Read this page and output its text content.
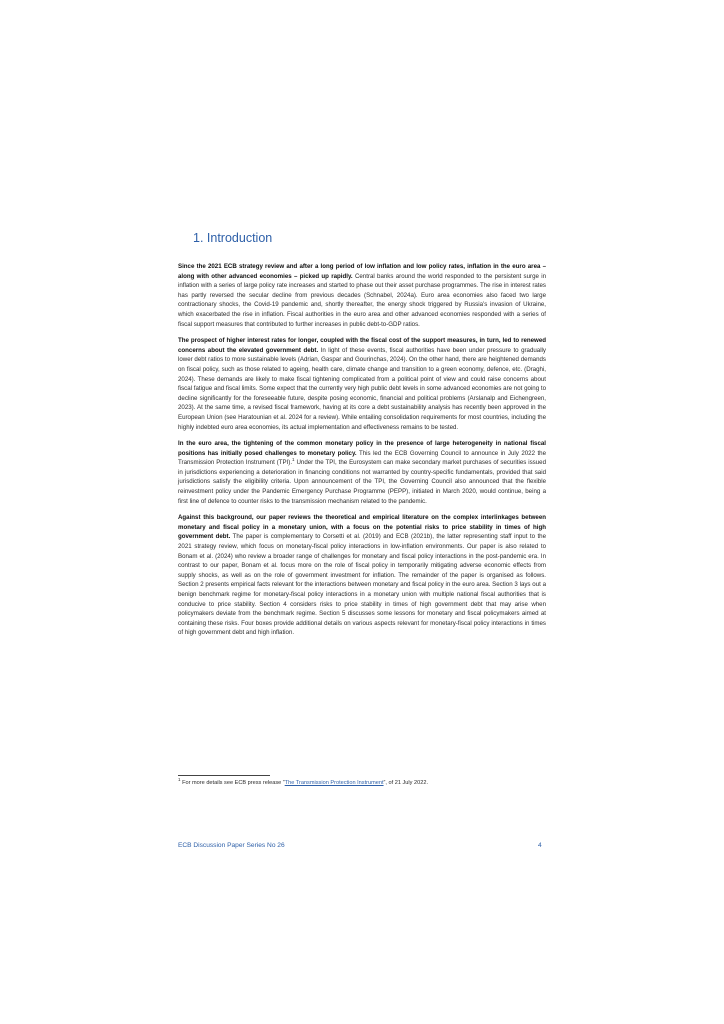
1. Introduction

Since the 2021 ECB strategy review and after a long period of low inflation and low policy rates, inflation in the euro area – along with other advanced economies – picked up rapidly. Central banks around the world responded to the persistent surge in inflation with a series of large policy rate increases and started to phase out their asset purchase programmes. The rise in interest rates has partly reversed the secular decline from previous decades (Schnabel, 2024a). Euro area economies also faced two large contractionary shocks, the Covid-19 pandemic and, shortly thereafter, the energy shock triggered by Russia’s invasion of Ukraine, which exacerbated the rise in inflation. Fiscal authorities in the euro area and other advanced economies responded with a series of fiscal support measures that contributed to further increases in public debt-to-GDP ratios.

The prospect of higher interest rates for longer, coupled with the fiscal cost of the support measures, in turn, led to renewed concerns about the elevated government debt. In light of these events, fiscal authorities have been under pressure to gradually lower debt ratios to more sustainable levels (Adrian, Gaspar and Gourinchas, 2024). On the other hand, there are heightened demands on fiscal policy, such as those related to ageing, health care, climate change and transition to a green economy, defence, etc. (Draghi, 2024). These demands are likely to make fiscal tightening complicated from a political point of view and could raise concerns about fiscal fatigue and fiscal limits. Some expect that the currently very high public debt levels in some advanced economies are not going to decline significantly for the foreseeable future, despite posing economic, financial and political problems (Arslanalp and Eichengreen, 2023). At the same time, a revised fiscal framework, having at its core a debt sustainability analysis has recently been approved in the European Union (see Haratounian et al. 2024 for a review). While entailing consolidation requirements for most countries, including the highly indebted euro area economies, its actual implementation and effectiveness remains to be tested.

In the euro area, the tightening of the common monetary policy in the presence of large heterogeneity in national fiscal positions has initially posed challenges to monetary policy. This led the ECB Governing Council to announce in July 2022 the Transmission Protection Instrument (TPI).$^1$ Under the TPI, the Eurosystem can make secondary market purchases of securities issued in jurisdictions experiencing a deterioration in financing conditions not warranted by country-specific fundamentals, provided that said jurisdictions satisfy the eligibility criteria. Upon announcement of the TPI, the Governing Council also announced that the flexible reinvestment policy under the Pandemic Emergency Purchase Programme (PEPP), initiated in March 2020, would continue, being a first line of defence to counter risks to the transmission mechanism related to the pandemic.

Against this background, our paper reviews the theoretical and empirical literature on the complex interlinkages between monetary and fiscal policy in a monetary union, with a focus on the potential risks to price stability in times of high government debt. The paper is complementary to Corsetti et al. (2019) and ECB (2021b), the latter representing staff input to the 2021 strategy review, which focus on monetary-fiscal policy interactions in low-inflation environments. Our paper is also related to Bonam et al. (2024) who review a broader range of challenges for monetary and fiscal policy interactions in the post-pandemic era. In contrast to our paper, Bonam et al. focus more on the role of fiscal policy in temporarily mitigating adverse economic effects from supply shocks, as well as on the role of government investment for inflation. The remainder of the paper is organised as follows. Section 2 presents empirical facts relevant for the interactions between monetary and fiscal policy in the euro area. Section 3 lays out a benign benchmark regime for monetary-fiscal policy interactions in a monetary union with multiple national fiscal authorities that is conducive to price stability. Section 4 considers risks to price stability in times of high government debt that may arise when policymakers deviate from the benchmark regime. Section 5 discusses some lessons for monetary and fiscal policymakers aimed at containing these risks. Four boxes provide additional details on various aspects relevant for monetary-fiscal policy interactions in times of high government debt and high inflation.

$^1$ For more details see ECB press release “The Transmission Protection Instrument”, of 21 July 2022.
ECB Discussion Paper Series No 26	4
